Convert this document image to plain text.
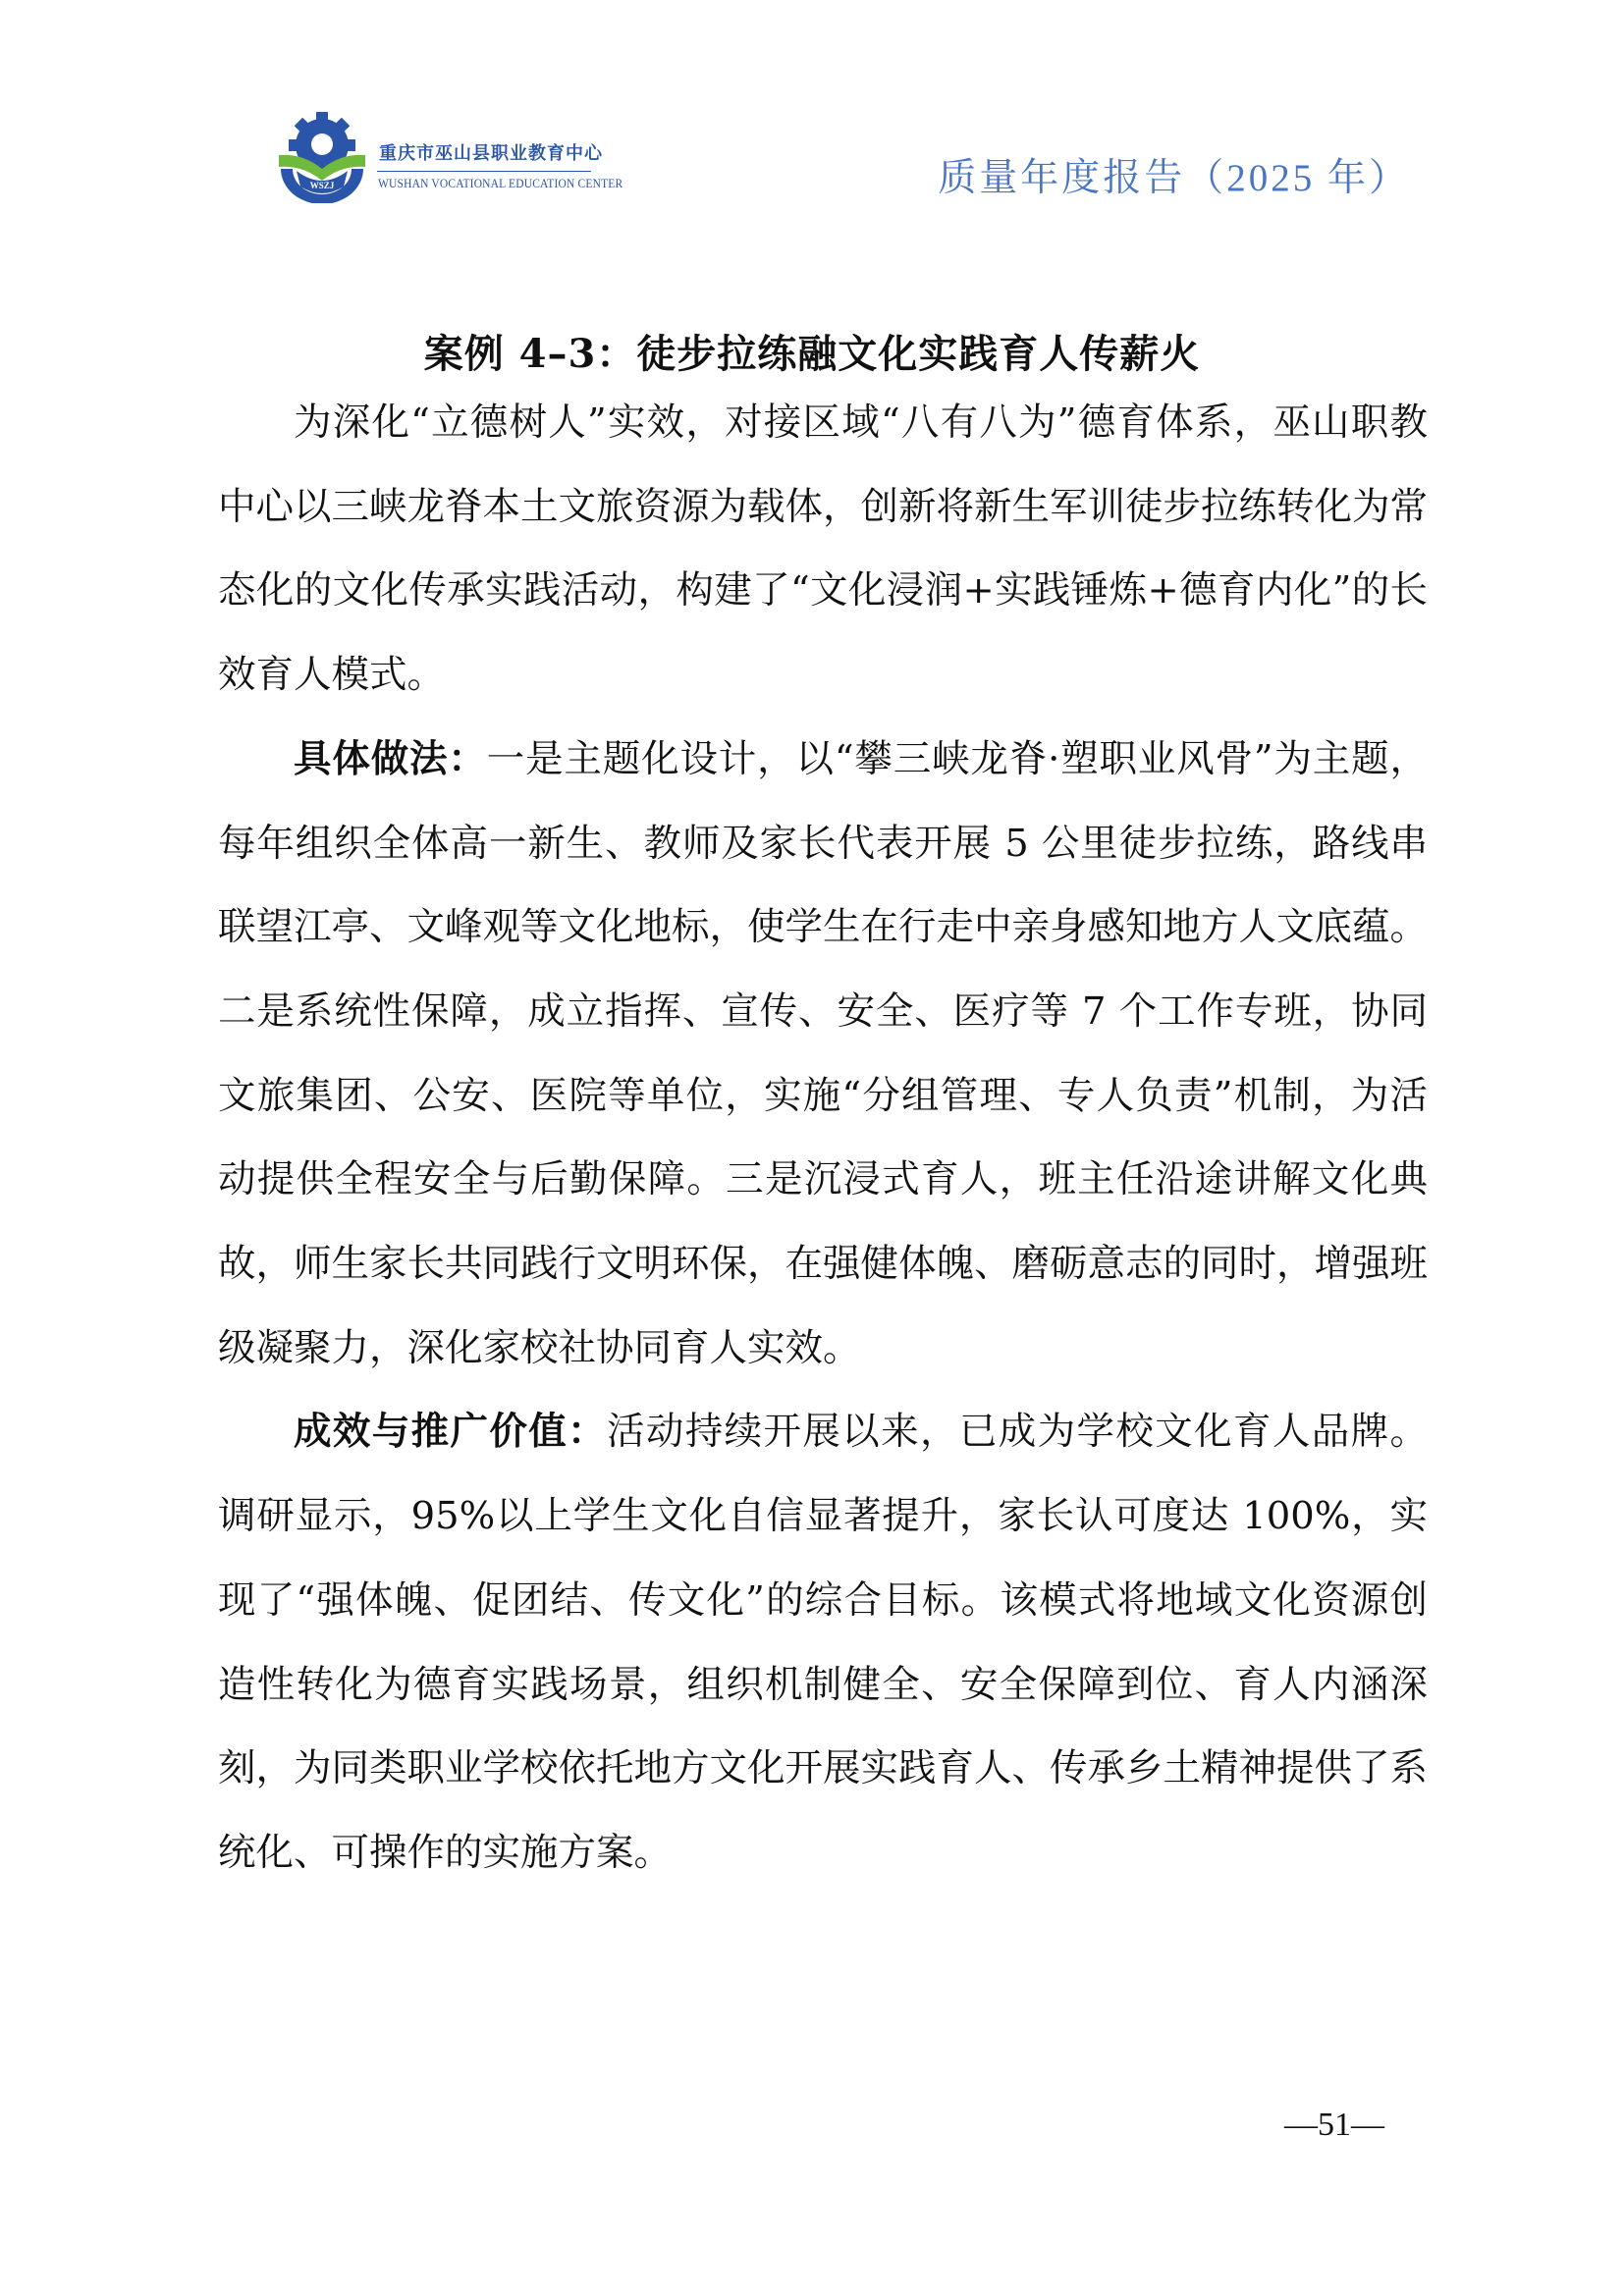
WSZJ
重庆市巫山县职业教育中心
WUSHAN VOCATIONAL EDUCATION CENTER	质量年度报告（2025 年）
案例 4–3：徒步拉练融文化实践育人传薪火

为深化“立德树人”实效，对接区域“八有八为”德育体系，巫山职教中心以三峡龙脊本土文旅资源为载体，创新将新生军训徒步拉练转化为常态化的文化传承实践活动，构建了“文化浸润+实践锤炼+德育内化”的长效育人模式。

具体做法：一是主题化设计，以“攀三峡龙脊·塑职业风骨”为主题，每年组织全体高一新生、教师及家长代表开展 5 公里徒步拉练，路线串联望江亭、文峰观等文化地标，使学生在行走中亲身感知地方人文底蕴。二是系统性保障，成立指挥、宣传、安全、医疗等 7 个工作专班，协同文旅集团、公安、医院等单位，实施“分组管理、专人负责”机制，为活动提供全程安全与后勤保障。三是沉浸式育人，班主任沿途讲解文化典故，师生家长共同践行文明环保，在强健体魄、磨砺意志的同时，增强班级凝聚力，深化家校社协同育人实效。

成效与推广价值：活动持续开展以来，已成为学校文化育人品牌。调研显示，95%以上学生文化自信显著提升，家长认可度达 100%，实现了“强体魄、促团结、传文化”的综合目标。该模式将地域文化资源创造性转化为德育实践场景，组织机制健全、安全保障到位、育人内涵深刻，为同类职业学校依托地方文化开展实践育人、传承乡土精神提供了系统化、可操作的实施方案。

—51—
